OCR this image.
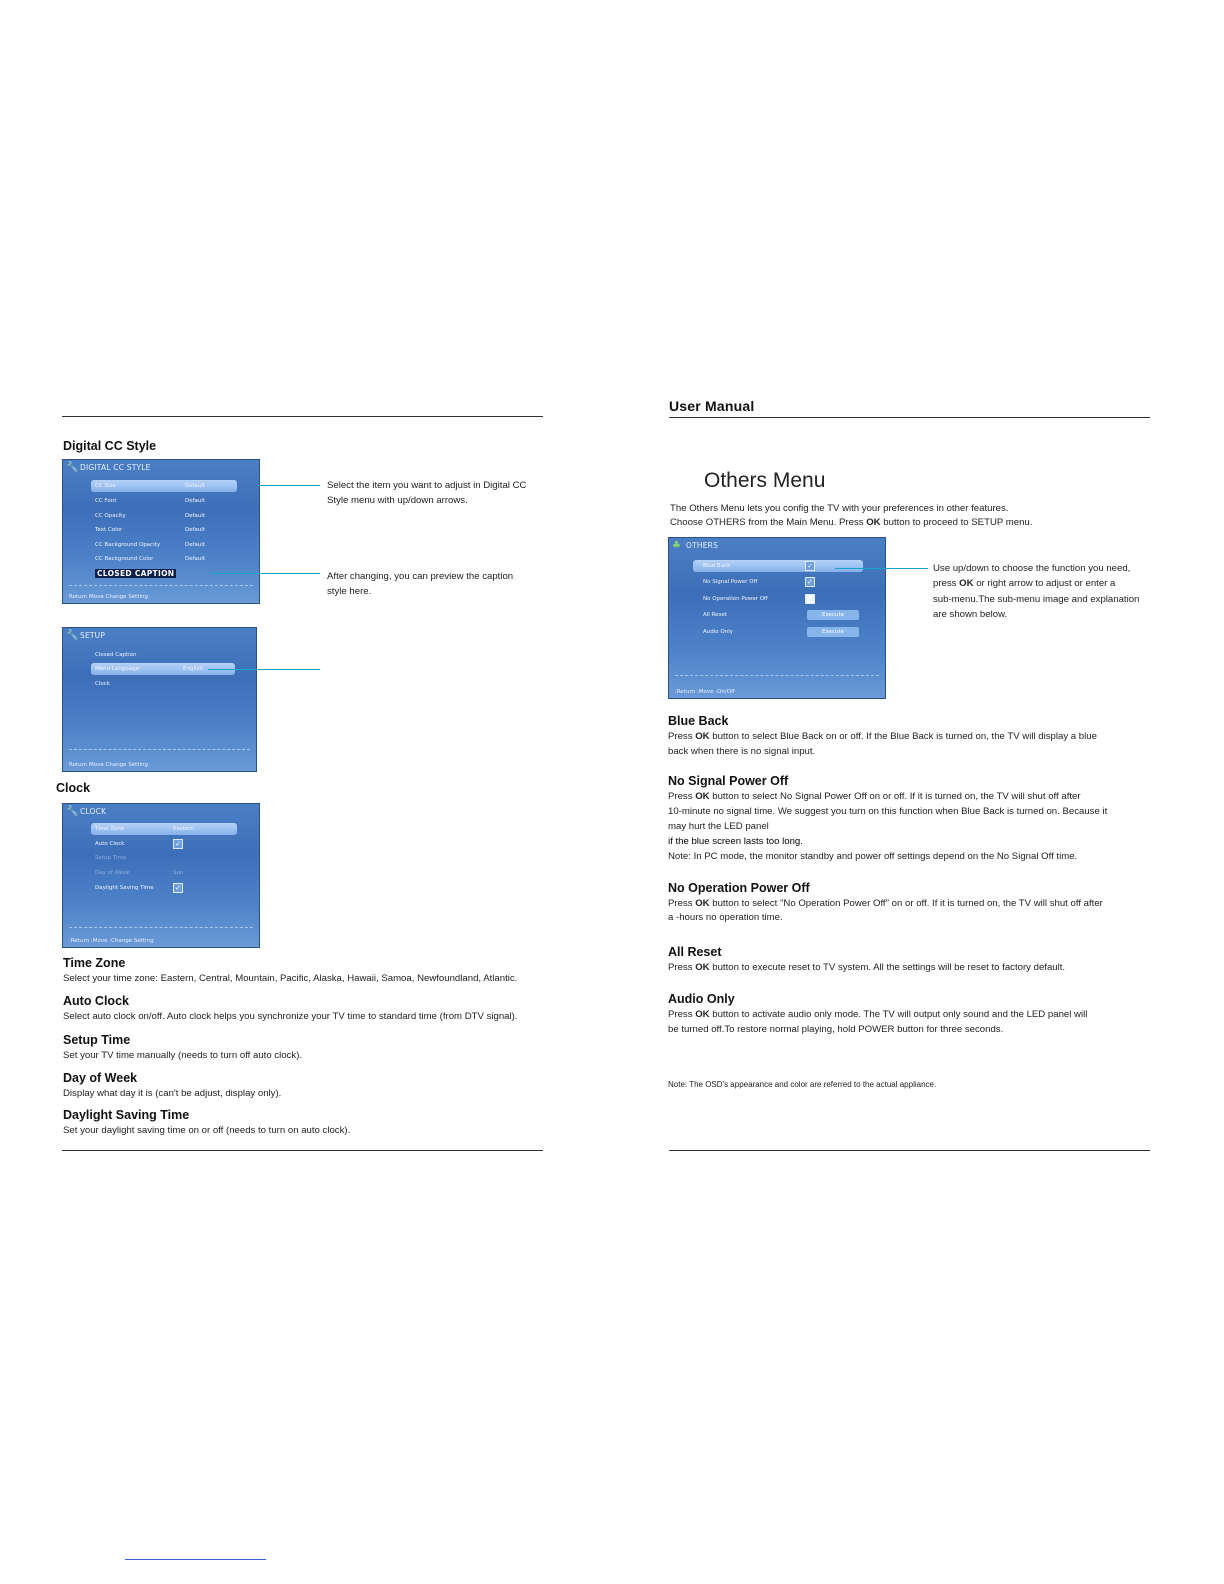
Digital CC Style
🔧 DIGITAL CC STYLE
CC Size	Default
CC Font	Default
CC Opacity	Default
Text Color	Default
CC Background Opacity	Default
CC Background Color	Default
CLOSED CAPTION
Return Move Change Setting
Select the item you want to adjust in Digital CC Style menu with up/down arrows.
After changing, you can preview the caption style here.
🔧 SETUP
Closed Caption
Menu Language	English
Clock
Return Move Change Setting
Clock
🔧 CLOCK
Time Zone	Eastern
Auto Clock	✓
Setup Time
Day of Week	Sun
Daylight Saving Time	✓
:Return :Move :Change Setting
Time Zone
Select your time zone: Eastern, Central, Mountain, Pacific, Alaska, Hawaii, Samoa, Newfoundland, Atlantic.
Auto Clock
Select auto clock on/off. Auto clock helps you synchronize your TV time to standard time (from DTV signal).
Setup Time
Set your TV time manually (needs to turn off auto clock).
Day of Week
Display what day it is (can't be adjust, display only).
Daylight Saving Time
Set your daylight saving time on or off (needs to turn on auto clock).
User Manual
Others Menu
The Others Menu lets you config the TV with your preferences in other features.
Choose OTHERS from the Main Menu. Press OK button to proceed to SETUP menu.
♣ OTHERS
Blue Back	✓
No Signal Power Off	✓
No Operation Power Off
All Reset	Execute
Audio Only	Execute
:Return :Move :On/Off
Use up/down to choose the function you need,
press OK or right arrow to adjust or enter a
sub-menu.The sub-menu image and explanation
are shown below.
Blue Back
Press OK button to select Blue Back on or off. If the Blue Back is turned on, the TV will display a blue
back when there is no signal input.
No Signal Power Off
Press OK button to select No Signal Power Off on or off. If it is turned on, the TV will shut off after
10-minute no signal time. We suggest you turn on this function when Blue Back is turned on. Because it
may hurt the LED panel
if the blue screen lasts too long.
Note: In PC mode, the monitor standby and power off settings depend on the No Signal Off time.
No Operation Power Off
Press OK button to select "No Operation Power Off" on or off. If it is turned on, the TV will shut off after
a -hours no operation time.
All Reset
Press OK button to execute reset to TV system. All the settings will be reset to factory default.
Audio Only
Press OK button to activate audio only mode. The TV will output only sound and the LED panel will
be turned off.To restore normal playing, hold POWER button for three seconds.
Note: The OSD's appearance and color are referred to the actual appliance.
